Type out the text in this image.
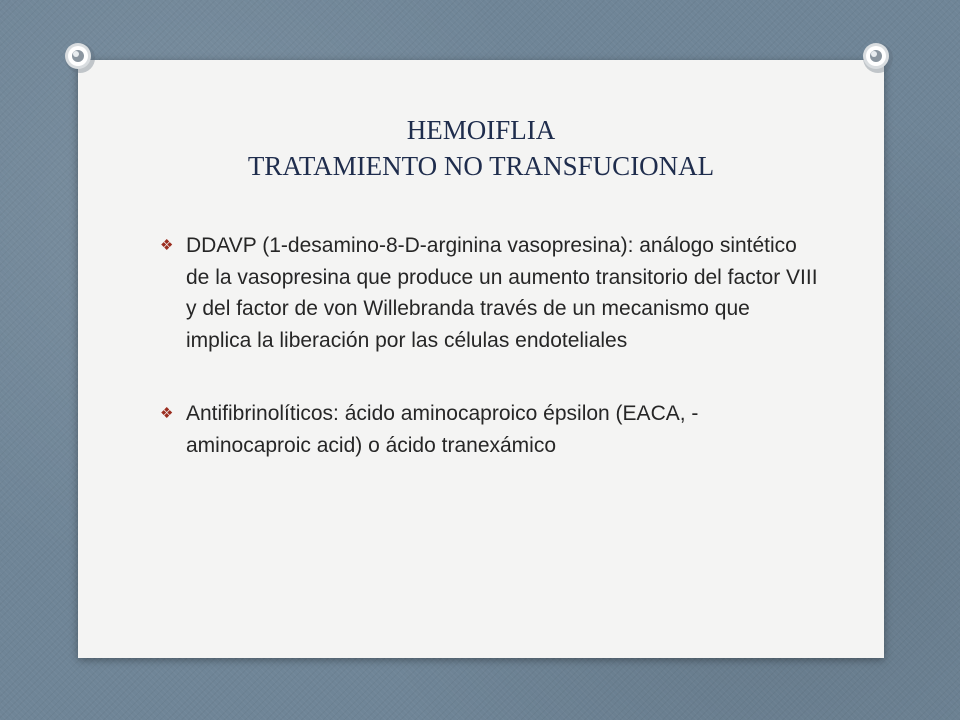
HEMOIFLIA
TRATAMIENTO NO TRANSFUCIONAL
❖ DDAVP (1-desamino-8-D-arginina vasopresina): análogo sintético de la vasopresina que produce un aumento transitorio del factor VIII y del factor de von Willebranda través de un mecanismo que implica la liberación por las células endoteliales
❖ Antifibrinolíticos: ácido aminocaproico épsilon (EACA, -aminocaproic acid) o ácido tranexámico
